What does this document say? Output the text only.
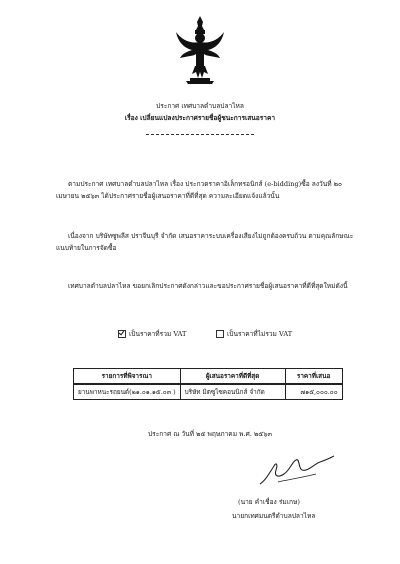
ประกาศ เทศบาลตำบลปลาไหล
เรื่อง เปลี่ยนแปลงประกาศรายชื่อผู้ชนะการเสนอราคา
ตามประกาศ เทศบาลตำบลปลาไหล เรื่อง ประกวดราคาอิเล็กทรอนิกส์ (e-bidding)ซื้อ ลงวันที่ ๒๐ เมษายน ๒๕๖๓ ได้ประกาศรายชื่อผู้เสนอราคาที่ดีที่สุด ความละเอียดแจ้งแล้วนั้น
เนื่องจาก บริษัทซูพลีส ปราจีนบุรี จำกัด เสนอราคาระบบเครื่องเสียงไม่ถูกต้องครบถ้วน ตามคุณลักษณะแนบท้ายในการจัดซื้อ
เทศบาลตำบลปลาไหล ขอยกเลิกประกาศดังกล่าวและขอประกาศรายชื่อผู้เสนอราคาที่ดีที่สุดใหม่ดังนี้
เป็นราคาที่รวม VAT	เป็นราคาที่ไม่รวม VAT
รายการที่พิจารณา	ผู้เสนอราคาที่ดีที่สุด	ราคาที่เสนอ
ยานพาหนะรถยนต์(๒๑.๐๑.๑๕.๐๓ )	บริษัท มิตซูไซคอนนิกส์ จำกัด	๗๑๕,๐๐๐.๐๐
ประกาศ ณ วันที่ ๒๕ พฤษภาคม พ.ศ. ๒๕๖๓
(นาย คำเชื่อง ร่มเกษ)
นายกเทศมนตรีตำบลปลาไหล
